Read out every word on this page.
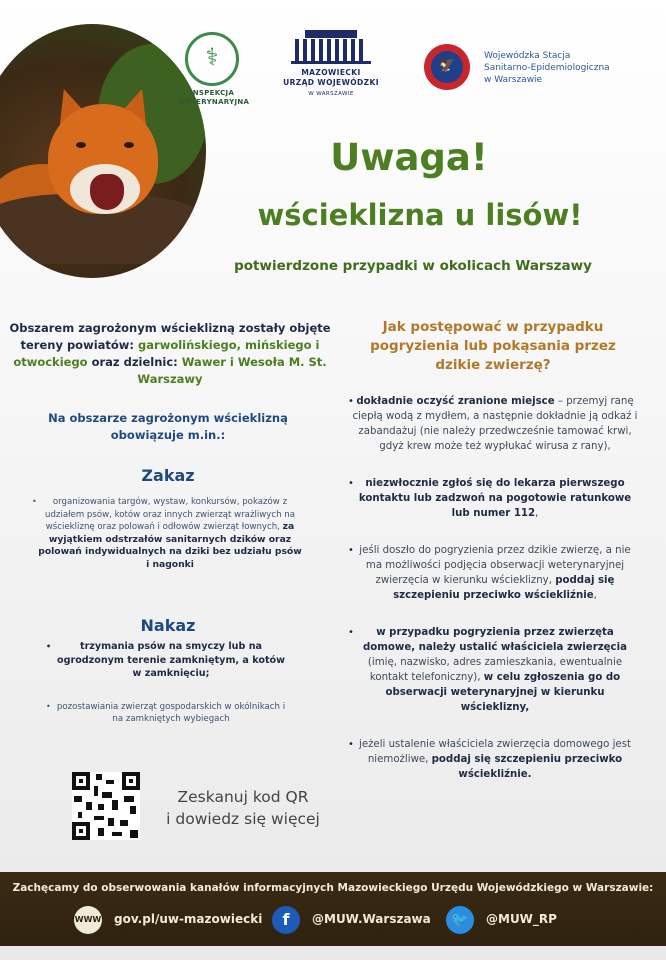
⚕
INSPEKCJA
WETERYNARYJNA
MAZOWIECKI
URZĄD WOJEWÓDZKI
W WARSZAWIE
🦅
Wojewódzka Stacja
Sanitarno-Epidemiologiczna
w Warszawie
Uwaga!
wścieklizna u lisów!

potwierdzone przypadki w okolicach Warszawy

Obszarem zagrożonym wścieklizną zostały objęte tereny powiatów: garwolińskiego, mińskiego i otwockiego oraz dzielnic: Wawer i Wesoła M. St. Warszawy
Na obszarze zagrożonym wścieklizną obowiązuje m.in.:
Zakaz
• organizowania targów, wystaw, konkursów, pokazów z udziałem psów, kotów oraz innych zwierząt wrażliwych na wściekliznę oraz polowań i odłowów zwierząt łownych, za wyjątkiem odstrzałów sanitarnych dzików oraz polowań indywidualnych na dziki bez udziału psów i nagonki
Nakaz
•	trzymania psów na smyczy lub na ogrodzonym terenie zamkniętym, a kotów w zamknięciu;
• pozostawiania zwierząt gospodarskich w okólnikach i na zamkniętych wybiegach
Zeskanuj kod QR
i dowiedz się więcej
Jak postępować w przypadku pogryzienia lub pokąsania przez dzikie zwierzę?
• dokładnie oczyść zranione miejsce – przemyj ranę ciepłą wodą z mydłem, a następnie dokładnie ją odkaź i zabandażuj (nie należy przedwcześnie tamować krwi, gdyż krew może też wypłukać wirusa z rany),
• niezwłocznie zgłoś się do lekarza pierwszego kontaktu lub zadzwoń na pogotowie ratunkowe lub numer 112,
• jeśli doszło do pogryzienia przez dzikie zwierzę, a nie ma możliwości podjęcia obserwacji weterynaryjnej zwierzęcia w kierunku wścieklizny, poddaj się szczepieniu przeciwko wściekliźnie,
• w przypadku pogryzienia przez zwierzęta domowe, należy ustalić właściciela zwierzęcia (imię, nazwisko, adres zamieszkania, ewentualnie kontakt telefoniczny), w celu zgłoszenia go do obserwacji weterynaryjnej w kierunku wścieklizny,
• jeżeli ustalenie właściciela zwierzęcia domowego jest niemożliwe, poddaj się szczepieniu przeciwko wściekliźnie.
Zachęcamy do obserwowania kanałów informacyjnych Mazowieckiego Urzędu Wojewódzkiego w Warszawie:
WWW gov.pl/uw-mazowiecki	f	@MUW.Warszawa	🐦	@MUW_RP
